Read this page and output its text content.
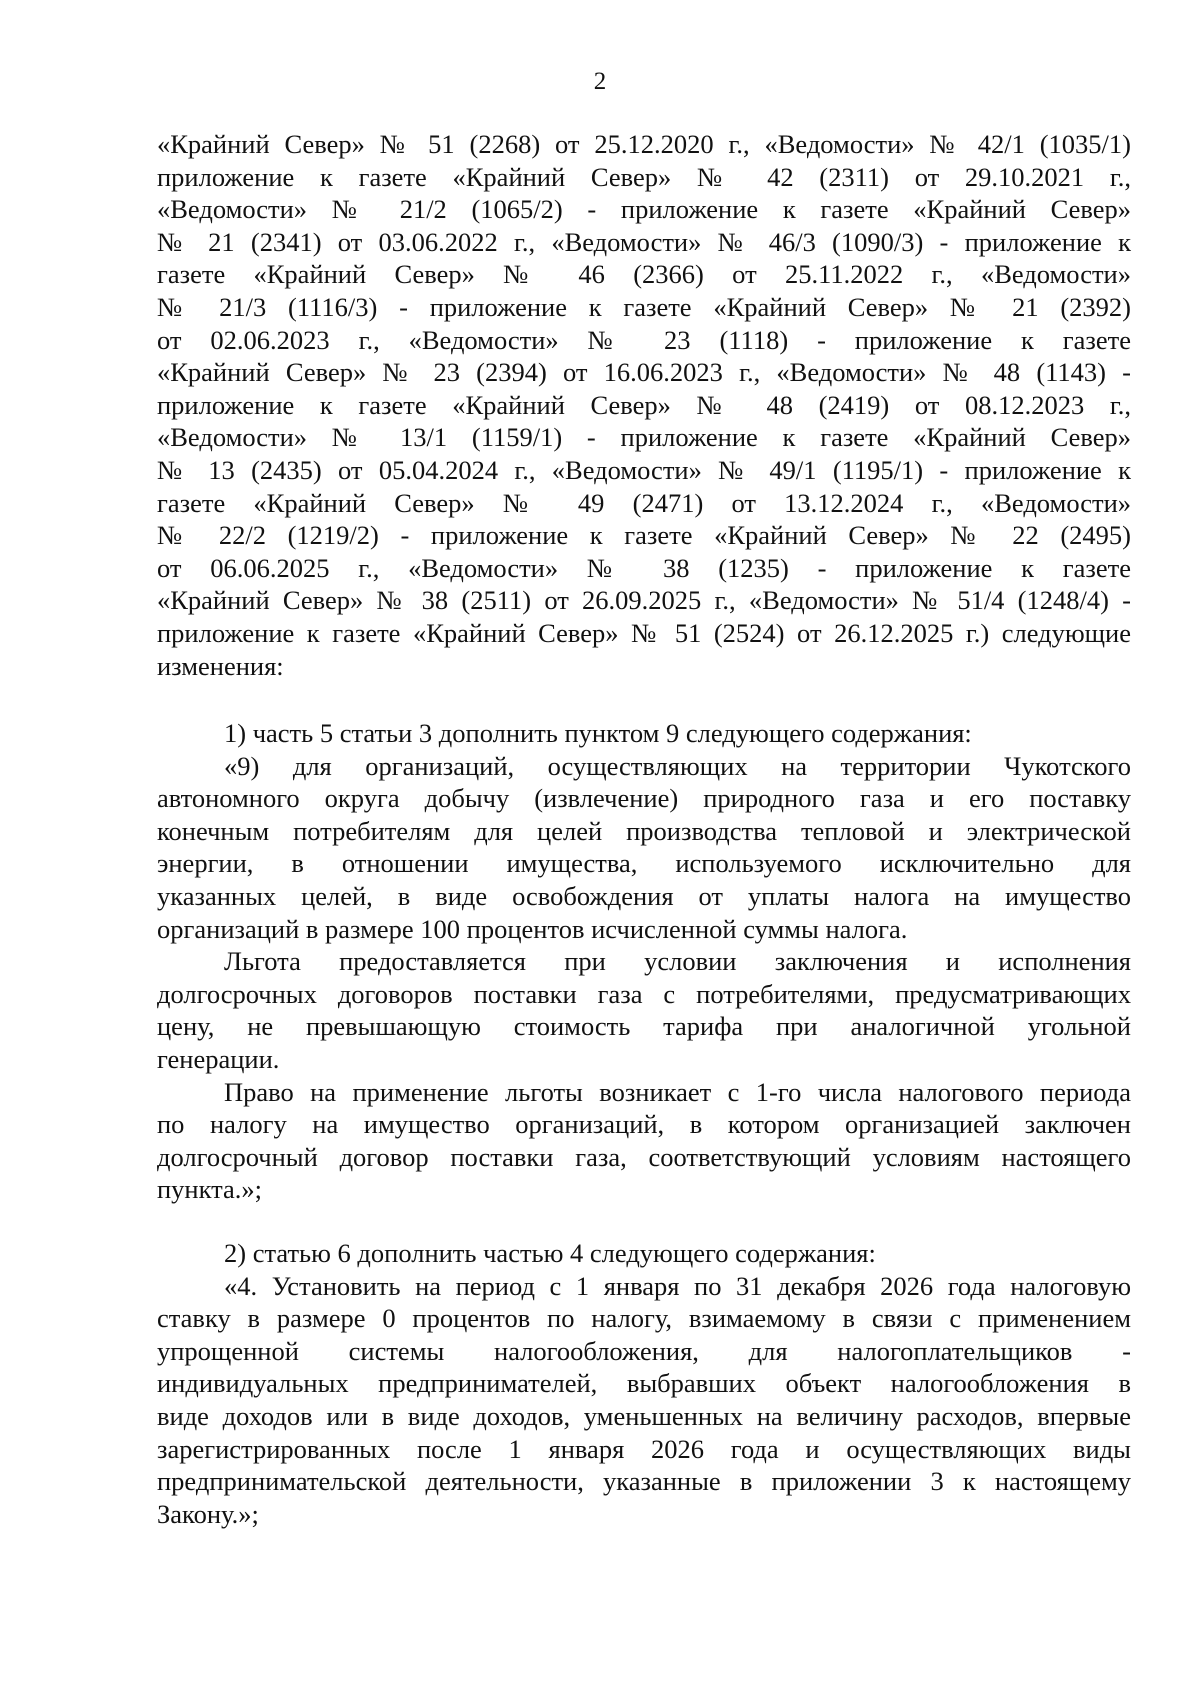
2
«Крайний Север» № 51 (2268) от 25.12.2020 г., «Ведомости» № 42/1 (1035/1)
приложение к газете «Крайний Север» № 42 (2311) от 29.10.2021 г.,
«Ведомости» № 21/2 (1065/2) - приложение к газете «Крайний Север»
№ 21 (2341) от 03.06.2022 г., «Ведомости» № 46/3 (1090/3) - приложение к
газете «Крайний Север» № 46 (2366) от 25.11.2022 г., «Ведомости»
№ 21/3 (1116/3) - приложение к газете «Крайний Север» № 21 (2392)
от 02.06.2023 г., «Ведомости» № 23 (1118) - приложение к газете
«Крайний Север» № 23 (2394) от 16.06.2023 г., «Ведомости» № 48 (1143) -
приложение к газете «Крайний Север» № 48 (2419) от 08.12.2023 г.,
«Ведомости» № 13/1 (1159/1) - приложение к газете «Крайний Север»
№ 13 (2435) от 05.04.2024 г., «Ведомости» № 49/1 (1195/1) - приложение к
газете «Крайний Север» № 49 (2471) от 13.12.2024 г., «Ведомости»
№ 22/2 (1219/2) - приложение к газете «Крайний Север» № 22 (2495)
от 06.06.2025 г., «Ведомости» № 38 (1235) - приложение к газете
«Крайний Север» № 38 (2511) от 26.09.2025 г., «Ведомости» № 51/4 (1248/4) -
приложение к газете «Крайний Север» № 51 (2524) от 26.12.2025 г.) следующие
изменения:
1) часть 5 статьи 3 дополнить пунктом 9 следующего содержания:
«9) для организаций, осуществляющих на территории Чукотского
автономного округа добычу (извлечение) природного газа и его поставку
конечным потребителям для целей производства тепловой и электрической
энергии, в отношении имущества, используемого исключительно для
указанных целей, в виде освобождения от уплаты налога на имущество
организаций в размере 100 процентов исчисленной суммы налога.
Льгота предоставляется при условии заключения и исполнения
долгосрочных договоров поставки газа с потребителями, предусматривающих
цену, не превышающую стоимость тарифа при аналогичной угольной
генерации.
Право на применение льготы возникает с 1-го числа налогового периода
по налогу на имущество организаций, в котором организацией заключен
долгосрочный договор поставки газа, соответствующий условиям настоящего
пункта.»;
2) статью 6 дополнить частью 4 следующего содержания:
«4. Установить на период с 1 января по 31 декабря 2026 года налоговую
ставку в размере 0 процентов по налогу, взимаемому в связи с применением
упрощенной системы налогообложения, для налогоплательщиков -
индивидуальных предпринимателей, выбравших объект налогообложения в
виде доходов или в виде доходов, уменьшенных на величину расходов, впервые
зарегистрированных после 1 января 2026 года и осуществляющих виды
предпринимательской деятельности, указанные в приложении 3 к настоящему
Закону.»;
